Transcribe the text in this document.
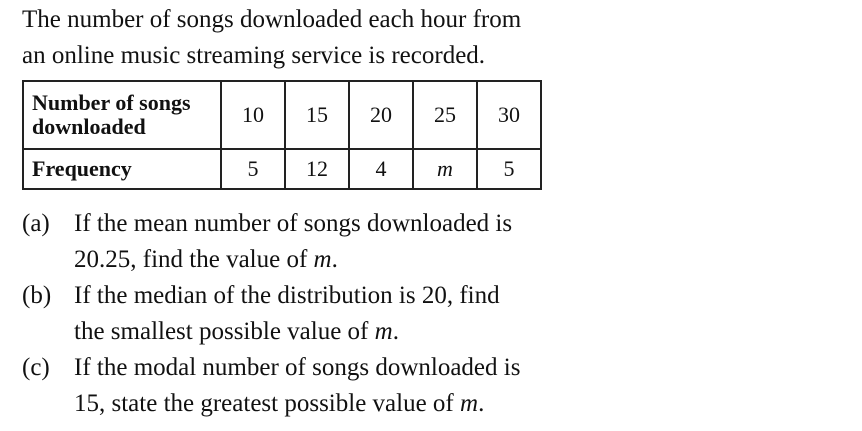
The number of songs downloaded each hour from
an online music streaming service is recorded.

Number of songs
downloaded	10	15	20	25	30
Frequency	5	12	4	m	5
(a) If the mean number of songs downloaded is
20.25, find the value of m.
(b) If the median of the distribution is 20, find
the smallest possible value of m.
(c) If the modal number of songs downloaded is
15, state the greatest possible value of m.
